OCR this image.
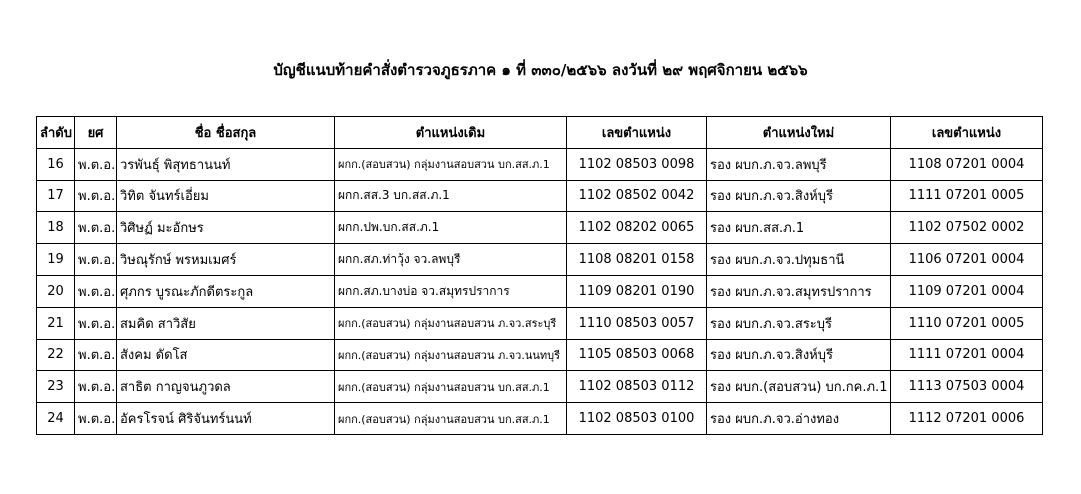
บัญชีแนบท้ายคำสั่งตำรวจภูธรภาค ๑ ที่ ๓๓๐/๒๕๖๖ ลงวันที่ ๒๙ พฤศจิกายน ๒๕๖๖
ลำดับ	ยศ	ชื่อ ชื่อสกุล	ตำแหน่งเดิม	เลขตำแหน่ง	ตำแหน่งใหม่	เลขตำแหน่ง
16	พ.ต.อ.	วรพันธุ์ พิสุทธานนท์	ผกก.(สอบสวน) กลุ่มงานสอบสวน บก.สส.ภ.1	1102 08503 0098	รอง ผบก.ภ.จว.ลพบุรี	1108 07201 0004
17	พ.ต.อ.	วิทิต จันทร์เอี่ยม	ผกก.สส.3 บก.สส.ภ.1	1102 08502 0042	รอง ผบก.ภ.จว.สิงห์บุรี	1111 07201 0005
18	พ.ต.อ.	วิศิษฏ์ มะอักษร	ผกก.ปพ.บก.สส.ภ.1	1102 08202 0065	รอง ผบก.สส.ภ.1	1102 07502 0002
19	พ.ต.อ.	วิษณุรักษ์ พรหมเมศร์	ผกก.สภ.ท่าวุ้ง จว.ลพบุรี	1108 08201 0158	รอง ผบก.ภ.จว.ปทุมธานี	1106 07201 0004
20	พ.ต.อ.	ศุภกร บูรณะภักดีตระกูล	ผกก.สภ.บางบ่อ จว.สมุทรปราการ	1109 08201 0190	รอง ผบก.ภ.จว.สมุทรปราการ	1109 07201 0004
21	พ.ต.อ.	สมคิด สาวิสัย	ผกก.(สอบสวน) กลุ่มงานสอบสวน ภ.จว.สระบุรี	1110 08503 0057	รอง ผบก.ภ.จว.สระบุรี	1110 07201 0005
22	พ.ต.อ.	สังคม ดัดโส	ผกก.(สอบสวน) กลุ่มงานสอบสวน ภ.จว.นนทบุรี	1105 08503 0068	รอง ผบก.ภ.จว.สิงห์บุรี	1111 07201 0004
23	พ.ต.อ.	สาธิต กาญจนภูวดล	ผกก.(สอบสวน) กลุ่มงานสอบสวน บก.สส.ภ.1	1102 08503 0112	รอง ผบก.(สอบสวน) บก.กค.ภ.1	1113 07503 0004
24	พ.ต.อ.	อัครโรจน์ ศิริจันทร์นนท์	ผกก.(สอบสวน) กลุ่มงานสอบสวน บก.สส.ภ.1	1102 08503 0100	รอง ผบก.ภ.จว.อ่างทอง	1112 07201 0006
